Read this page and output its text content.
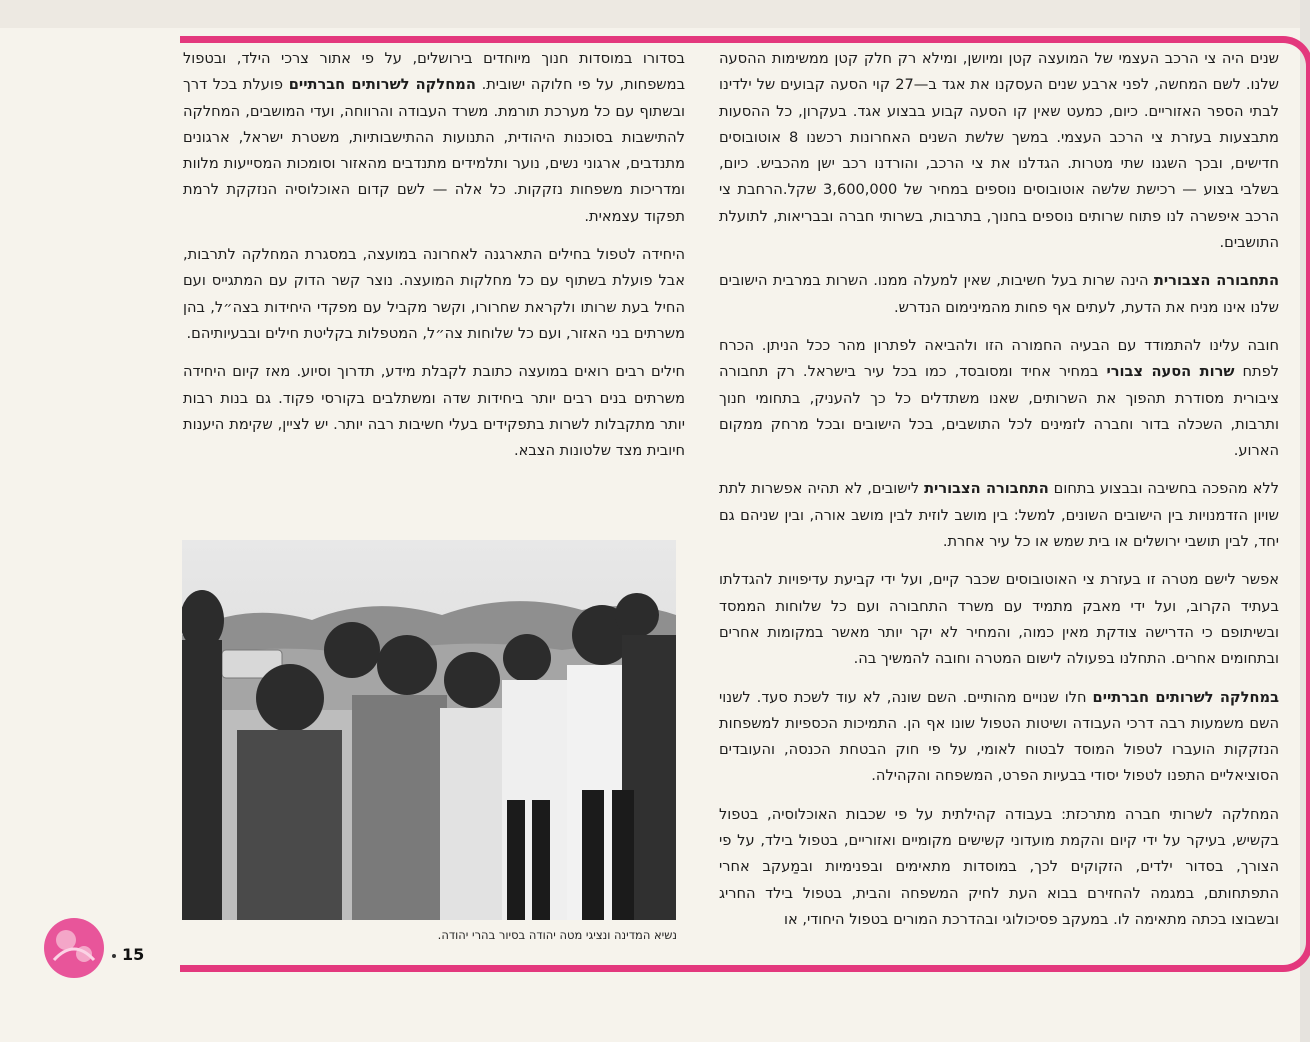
שנים היה צי הרכב העצמי של המועצה קטן ומיושן, ומילא רק חלק קטן ממשימות ההסעה שלנו. לשם המחשה, לפני ארבע שנים העסקנו את אגד ב—27 קוי הסעה קבועים של ילדינו לבתי הספר האזוריים. כיום, כמעט שאין קו הסעה קבוע בבצוע אגד. בעקרון, כל ההסעות מתבצעות בעזרת צי הרכב העצמי. במשך שלשת השנים האחרונות רכשנו 8 אוטובוסים חדישים, ובכך השגנו שתי מטרות. הגדלנו את צי הרכב, והורדנו רכב ישן מהכביש. כיום, בשלבי בצוע — רכישת שלשה אוטובוסים נוספים במחיר של 3,600,000 שקל.הרחבת צי הרכב איפשרה לנו פתוח שרותים נוספים בחנוך, בתרבות, בשרותי חברה ובבריאות, לתועלת התושבים.

התחבורה הצבורית הינה שרות בעל חשיבות, שאין למעלה ממנו. השרות במרבית הישובים שלנו אינו מניח את הדעת, לעתים אף פחות מהמינימום הנדרש.

חובה עלינו להתמודד עם הבעיה החמורה הזו ולהביאה לפתרון מהר ככל הניתן. הכרח לפתח שרות הסעה צבורי במחיר אחיד ומסובסד, כמו בכל עיר בישראל. רק תחבורה ציבורית מסודרת תהפוך את השרותים, שאנו משתדלים כל כך להעניק, בתחומי חנוך ותרבות, השכלה בדור וחברה לזמינים לכל התושבים, בכל הישובים ובכל מרחק ממקום הארוע.

ללא מהפכה בחשיבה ובבצוע בתחום התחבורה הצבורית לישובים, לא תהיה אפשרות לתת שויון הזדמנויות בין הישובים השונים, למשל: בין מושב לוזית לבין מושב אורה, ובין שניהם גם יחד, לבין תושבי ירושלים או בית שמש או כל עיר אחרת.

אפשר לישם מטרה זו בעזרת צי האוטובוסים שכבר קיים, ועל ידי קביעת עדיפויות להגדלתו בעתיד הקרוב, ועל ידי מאבק מתמיד עם משרד התחבורה ועם כל שלוחות הממסד ובשיתופם כי הדרישה צודקת מאין כמוה, והמחיר לא יקר יותר מאשר במקומות אחרים ובתחומים אחרים. התחלנו בפעולה לישום המטרה וחובה להמשיך בה.

במחלקה לשרותים חברתיים חלו שנויים מהותיים. השם שונה, לא עוד לשכת סעד. לשנוי השם משמעות רבה דרכי העבודה ושיטות הטפול שונו אף הן. התמיכות הכספיות למשפחות הנזקקות הועברו לטפול המוסד לבטוח לאומי, על פי חוק הבטחת הכנסה, והעובדים הסוציאליים התפנו לטפול יסודי בבעיות הפרט, המשפחה והקהילה.

המחלקה לשרותי חברה מתרכזת: בעבודה קהילתית על פי שכבות האוכלוסיה, בטפול בקשיש, בעיקר על ידי קיום והקמת מועדוני קשישים מקומיים ואזוריים, בטפול בילד, על פי הצורך, בסדור ילדים, הזקוקים לכך, במוסדות מתאימים ובפנימיות ובמַעקב אחרי התפתחותם, במגמה להחזירם בבוא העת לחיק המשפחה והבית, בטפול בילד החריג ובשבוצו בכתה מתאימה לו. במעקב פסיכולוגי ובהדרכת המורים בטפול היחודי, או

בסדורו במוסדות חנוך מיוחדים בירושלים, על פי אתור צרכי הילד, ובטפול במשפחות, על פי חלוקה ישובית. המחלקה לשרותים חברתיים פועלת בכל דרך ובשתוף עם כל מערכת תורמת. משרד העבודה והרווחה, ועדי המושבים, המחלקה להתישבות בסוכנות היהודית, התנועות ההתישבותיות, משטרת ישראל, ארגונים מתנדבים, ארגוני נשים, נוער ותלמידים מתנדבים מהאזור וסומכות המסייעות מלוות ומדריכות משפחות נזקקות. כל אלה — לשם קדום האוכלוסיה הנזקקת לרמת תפקוד עצמאית.

היחידה לטפול בחילים התארגנה לאחרונה במועצה, במסגרת המחלקה לתרבות, אבל פועלת בשתוף עם כל מחלקות המועצה. נוצר קשר הדוק עם המתגייס ועם החיל בעת שרותו ולקראת שחרורו, וקשר מקביל עם מפקדי היחידות בצה״ל, בהן משרתים בני האזור, ועם כל שלוחות צה״ל, המטפלות בקליטת חילים ובבעיותיהם.

חילים רבים רואים במועצה כתובת לקבלת מידע, תדרוך וסיוע. מאז קיום היחידה משרתים בנים רבים יותר ביחידות שדה ומשתלבים בקורסי פקוד. גם בנות רבות יותר מתקבלות לשרות בתפקידים בעלי חשיבות רבה יותר. יש לציין, שקימת היענות חיובית מצד שלטונות הצבא.

נשיא המדינה ונציגי מטה יהודה בסיור בהרי יהודה.
15
